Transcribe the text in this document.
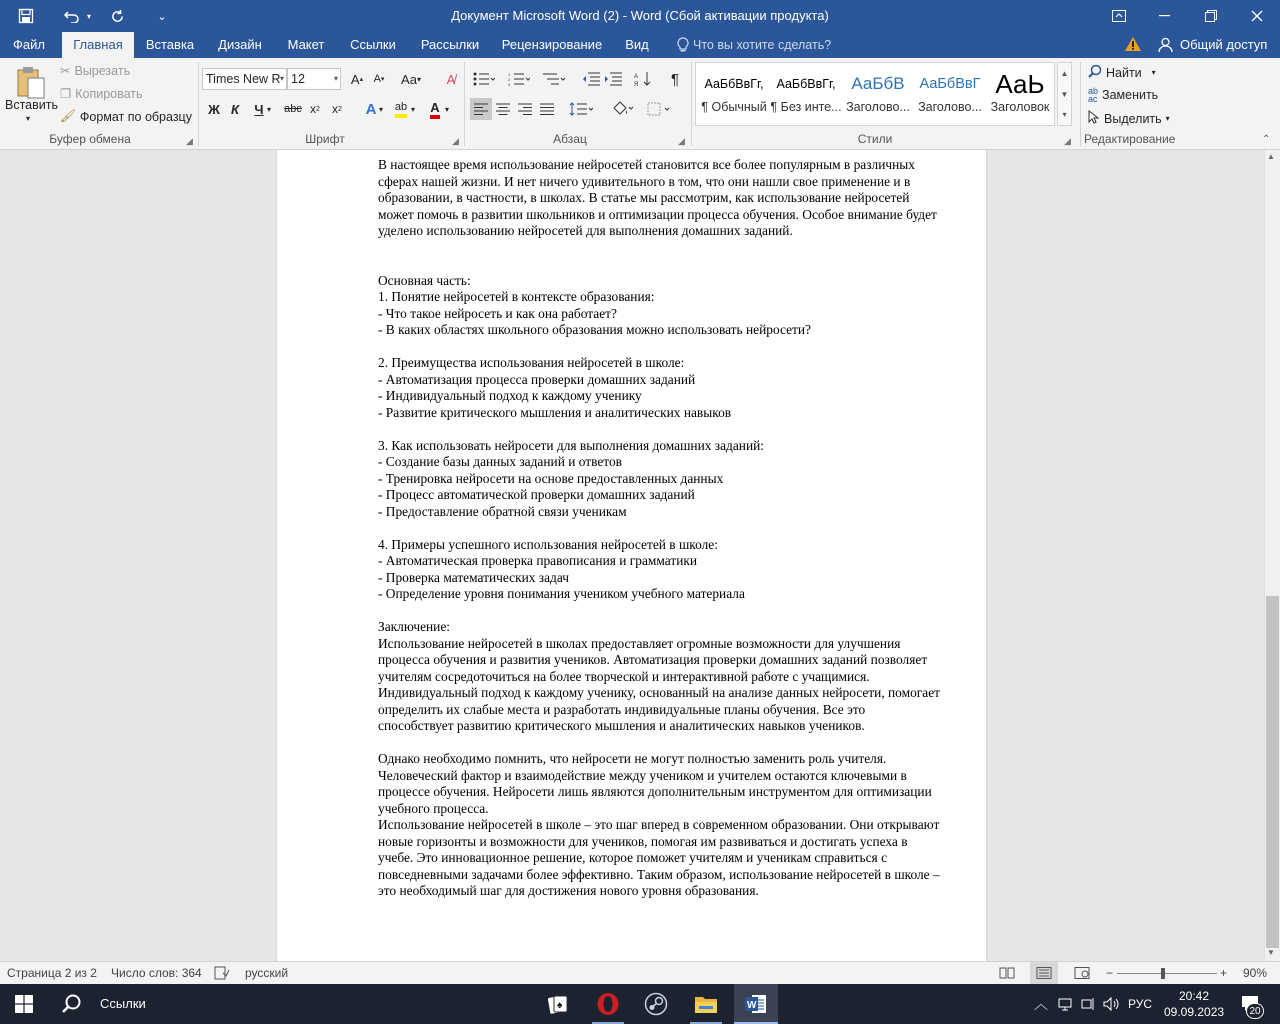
▾	⌄	Документ Microsoft Word (2) - Word (Сбой активации продукта)
Файл	Главная	Вставка	Дизайн	Макет	Ссылки	Рассылки	Рецензирование	Вид	Что вы хотите сделать?	Общий доступ
Вставить
▾
✂ Вырезать
❐ Копировать
🖌 Формат по образцу
Буфер обмена	◢
Times New R ▾ 12	▾ A ▴ A ▾	Aa ▾	A̸
Ж К	Ч ▾ abc x 2	x 2	A ▾ ab ▾ A ▾
Шрифт	◢
1
2
3
A
Я	¶
Абзац	◢
АаБбВвГг,
¶ Обычный
АаБбВвГг,
¶ Без инте...
АаБбВ
Заголово...
АаБбВвГ
Заголово...
АаЬ
Заголовок
▲
▼
▾
Стили	◢
Найти ▾
ab
ac Заменить
Выделить ▾
Редактирование	⌃

В настоящее время использование нейросетей становится все более популярным в различных сферах нашей жизни. И нет ничего удивительного в том, что они нашли свое применение и в образовании, в частности, в школах. В статье мы рассмотрим, как использование нейросетей может помочь в развитии школьников и оптимизации процесса обучения. Особое внимание будет уделено использованию нейросетей для выполнения домашних заданий.

Основная часть:

1. Понятие нейросетей в контексте образования:

- Что такое нейросеть и как она работает?

- В каких областях школьного образования можно использовать нейросети?

2. Преимущества использования нейросетей в школе:

- Автоматизация процесса проверки домашних заданий

- Индивидуальный подход к каждому ученику

- Развитие критического мышления и аналитических навыков

3. Как использовать нейросети для выполнения домашних заданий:

- Создание базы данных заданий и ответов

- Тренировка нейросети на основе предоставленных данных

- Процесс автоматической проверки домашних заданий

- Предоставление обратной связи ученикам

4. Примеры успешного использования нейросетей в школе:

- Автоматическая проверка правописания и грамматики

- Проверка математических задач

- Определение уровня понимания учеником учебного материала

Заключение:

Использование нейросетей в школах предоставляет огромные возможности для улучшения процесса обучения и развития учеников. Автоматизация проверки домашних заданий позволяет учителям сосредоточиться на более творческой и интерактивной работе с учащимися. Индивидуальный подход к каждому ученику, основанный на анализе данных нейросети, помогает определить их слабые места и разработать индивидуальные планы обучения. Все это способствует развитию критического мышления и аналитических навыков учеников.

Однако необходимо помнить, что нейросети не могут полностью заменить роль учителя. Человеческий фактор и взаимодействие между учеником и учителем остаются ключевыми в процессе обучения. Нейросети лишь являются дополнительным инструментом для оптимизации учебного процесса.

Использование нейросетей в школе – это шаг вперед в современном образовании. Они открывают новые горизонты и возможности для учеников, помогая им развиваться и достигать успеха в учебе. Это инновационное решение, которое поможет учителям и ученикам справиться с повседневными задачами более эффективно. Таким образом, использование нейросетей в школе – это необходимый шаг для достижения нового уровня образования.

▲
▼
Страница 2 из 2 Число слов: 364	русский	−	+ 90%
Ссылки	♠	W	︿	РУС
20:42
09.09.2023	20
